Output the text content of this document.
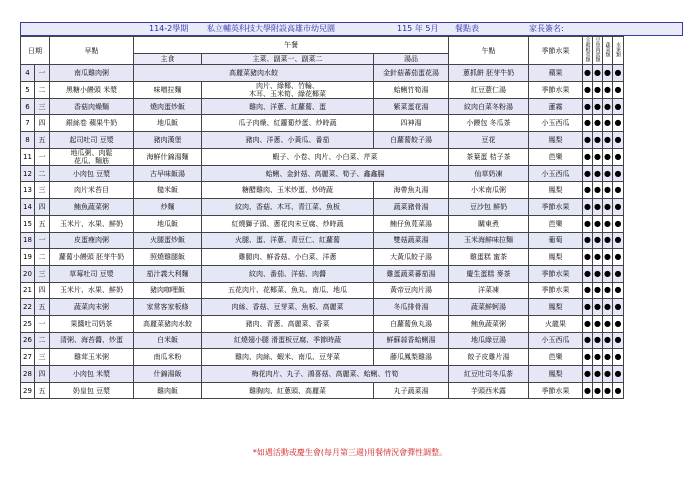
114-2學期 私立輔英科技大學附設高雄市幼兒園	115 年 5月 餐點表	家長簽名:
日期		早點	午餐			午點	季節水果	全穀根莖類	豆魚肉蛋類	蔬菜類	水果類	
			主食	主菜、副菜一、副菜二	湯品							
4	一	南瓜雞肉粥	高麗菜豬肉水餃		金針菇蕃茄蛋花湯	蔥抓餅 胚芽牛奶	蘋果	●	●	●	●	
5	二	黑糖小饅頭 米漿	味噌拉麵	肉片、綠椰、竹輪、
木耳、玉米筍、綠花椰菜	蛤蜊竹筍湯	紅豆薏仁湯	季節水果	●	●	●	●	
6	三	香菇肉燥麵	燒肉蛋炒飯	雞肉、洋蔥、紅蘿蔔、蛋	紫菜蛋花湯	紋肉白菜冬粉湯	蓮霧	●	●	●	●	
7	四	銀絲卷 蘋果牛奶	地瓜飯	瓜子肉燥、紅蘿蔔炒蛋、炒時蔬	四神湯	小饅包 冬瓜茶	小玉西瓜	●	●	●	●	
8	五	起司吐司 豆漿	豬肉漢堡	豬肉、洋蔥、小黃瓜、番茄	白蘿蔔餃子湯	豆花	鳳梨	●	●	●	●	
11	一	地瓜粥、肉鬆
花瓜、麵筋	海鮮什錦湯麵	蝦子、小卷、肉片、小白菜、芹菜		茶葉蛋 桔子茶	芭樂	●	●	●	●	
12	二	小肉包 豆漿	古早味飯湯	蛤蜊、金針菇、高麗菜、筍子、鑫鑫腸		仙草奶凍	小玉西瓜	●	●	●	●	
13	三	肉片米苔目	糙米飯	糖醋雞肉、玉米炒蛋、炒時蔬	海帶魚丸湯	小米南瓜粥	鳳梨	●	●	●	●	
14	四	鮪魚蔬菜粥	炒麵	紋肉、香菇、木耳、青江菜、魚板	蔬菜豬骨湯	豆沙包 鮮奶	季節水果	●	●	●	●	
15	五	玉米片、水果、鮮奶	地瓜飯	紅燒獅子頭、蔥花肉末豆腐、炒時蔬	鮪仔魚莧菜湯	關東煮	芭樂	●	●	●	●	
18	一	皮蛋瘦肉粥	火腿蛋炒飯	火腿、蛋、洋蔥、青豆仁、紅蘿蔔	雙菇蔬菜湯	玉米海鮮味拉麵	葡萄	●	●	●	●	
19	二	蘿蔔小饅頭 胚芽牛奶	照燒雞腿飯	雞腿肉、鮮香菇、小白菜、洋蔥	大黃瓜餃子湯	雞蛋糕 蜜茶	鳳梨	●	●	●	●	
20	三	草莓吐司 豆漿	茄汁義大利麵	紋肉、番茄、洋菇、肉醬	雞蛋蔬菜蕃茄湯	慶生蛋糕 麥茶	季節水果	●	●	●	●	
21	四	玉米片、水果、鮮奶	豬肉咖哩飯	五花肉片、花椰菜、魚丸、南瓜、地瓜	黃帝豆肉片湯	洋菜凍	季節水果	●	●	●	●	
22	五	蔬菜肉末粥	家常客家板條	肉絲、香菇、豆芽菜、魚板、高麗菜	冬瓜排骨湯	蔬菜鮮蚵湯	鳳梨	●	●	●	●	
25	一	果醬吐司奶茶	高麗菜豬肉水餃	豬肉、青蔥、高麗菜、香菜	白蘿蔔魚丸湯	鮪魚蔬菜粥	火龍果	●	●	●	●	
26	二	清粥、海苔醬、炒蛋	白米飯	紅燒翅小腿 滑蛋板豆腐、季節時蔬	鮮蘇蒜香蛤蜊湯	地瓜綠豆湯	小玉西瓜	●	●	●	●	
27	三	雞茸玉米粥	南瓜米粉	雞肉、肉絲、蝦米、南瓜、豆芽菜	藤瓜鳳梨雞湯	餃子皮雞片湯	芭樂	●	●	●	●	
28	四	小肉包 米漿	什錦湯飯	梅花肉片、丸子、鴻喜菇、高麗菜、蛤蜊、竹筍		紅豆吐司冬瓜茶	鳳梨	●	●	●	●	
29	五	奶皇包 豆漿	雞肉飯	雞胸肉、紅蔥頭、高麗菜	丸子蔬菜湯	芋頭西米露	季節水果	●	●	●	●	
*如遇活動或慶生會(每月第三週)用餐情況會彈性調整。
